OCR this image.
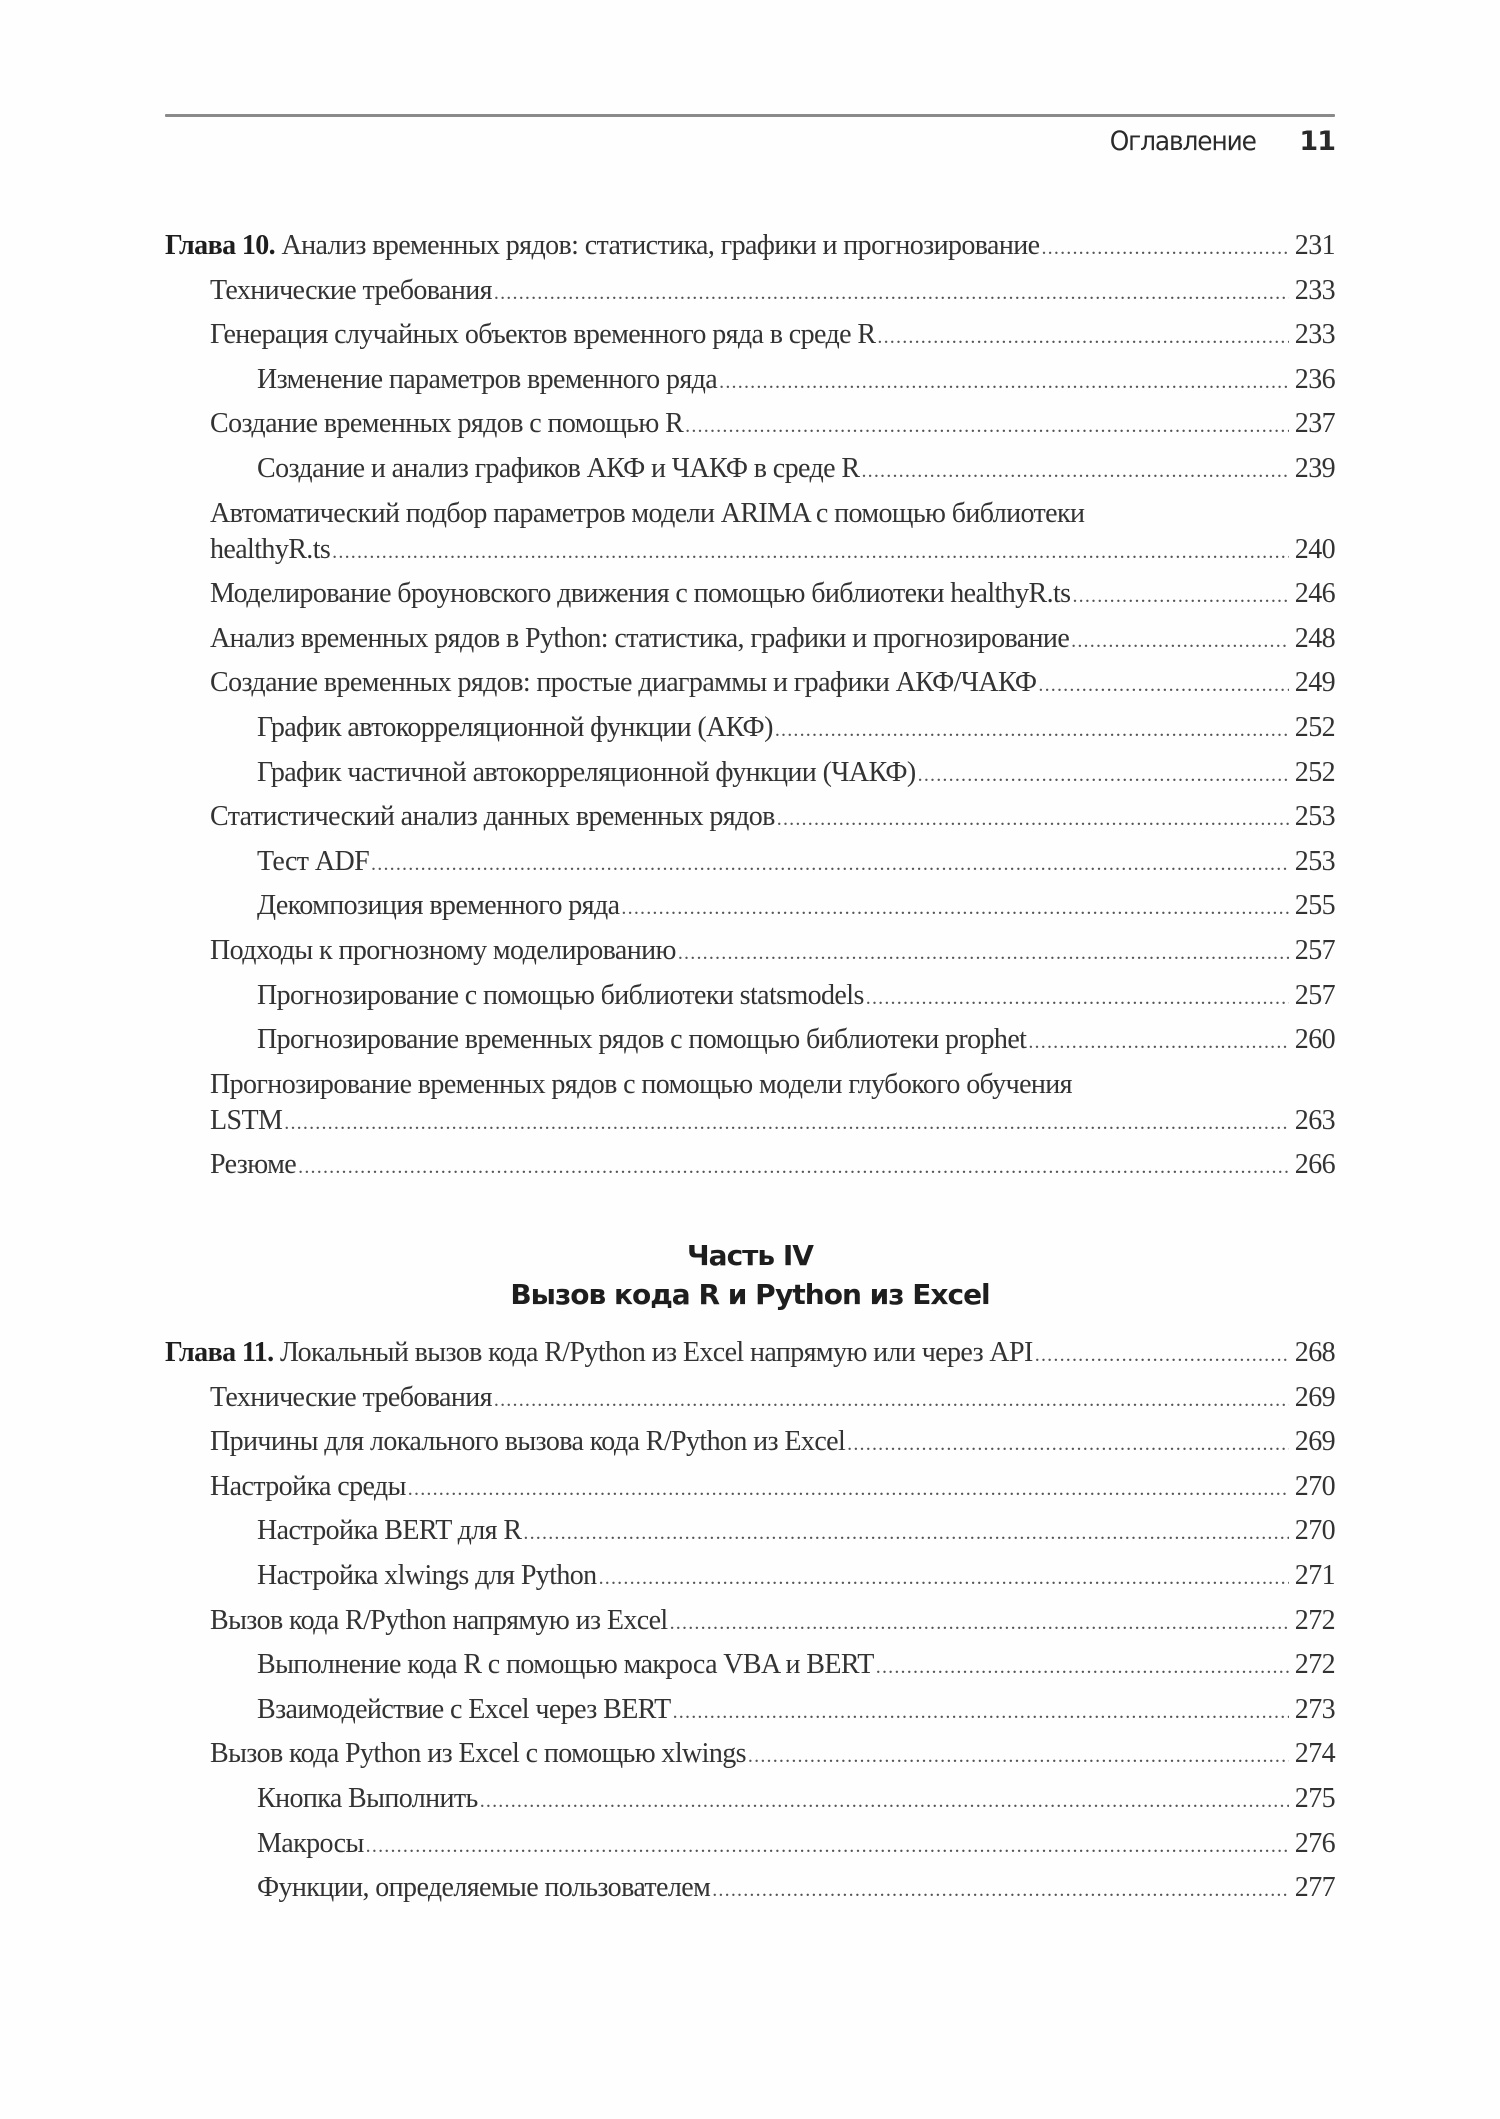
Оглавление 11
Глава 10. Анализ временных рядов: статистика, графики и прогнозирование .....	231
Технические требования .....	233
Генерация случайных объектов временного ряда в среде R .....	233
Изменение параметров временного ряда .....	236
Создание временных рядов с помощью R .....	237
Создание и анализ графиков АКФ и ЧАКФ в среде R .....	239
Автоматический подбор параметров модели ARIMA с помощью библиотеки
healthyR.ts .....	240
Моделирование броуновского движения с помощью библиотеки healthyR.ts .....	246
Анализ временных рядов в Python: статистика, графики и прогнозирование .....	248
Создание временных рядов: простые диаграммы и графики АКФ/ЧАКФ .....	249
График автокорреляционной функции (АКФ) .....	252
График частичной автокорреляционной функции (ЧАКФ) .....	252
Статистический анализ данных временных рядов .....	253
Тест ADF .....	253
Декомпозиция временного ряда .....	255
Подходы к прогнозному моделированию .....	257
Прогнозирование с помощью библиотеки statsmodels .....	257
Прогнозирование временных рядов с помощью библиотеки prophet .....	260
Прогнозирование временных рядов с помощью модели глубокого обучения
LSTM .....	263
Резюме .....	266
Часть IV
Вызов кода R и Python из Excel
Глава 11. Локальный вызов кода R/Python из Excel напрямую или через API .....	268
Технические требования .....	269
Причины для локального вызова кода R/Python из Excel .....	269
Настройка среды .....	270
Настройка BERT для R .....	270
Настройка xlwings для Python .....	271
Вызов кода R/Python напрямую из Excel .....	272
Выполнение кода R с помощью макроса VBA и BERT .....	272
Взаимодействие с Excel через BERT .....	273
Вызов кода Python из Excel с помощью xlwings .....	274
Кнопка Выполнить .....	275
Макросы .....	276
Функции, определяемые пользователем .....	277
